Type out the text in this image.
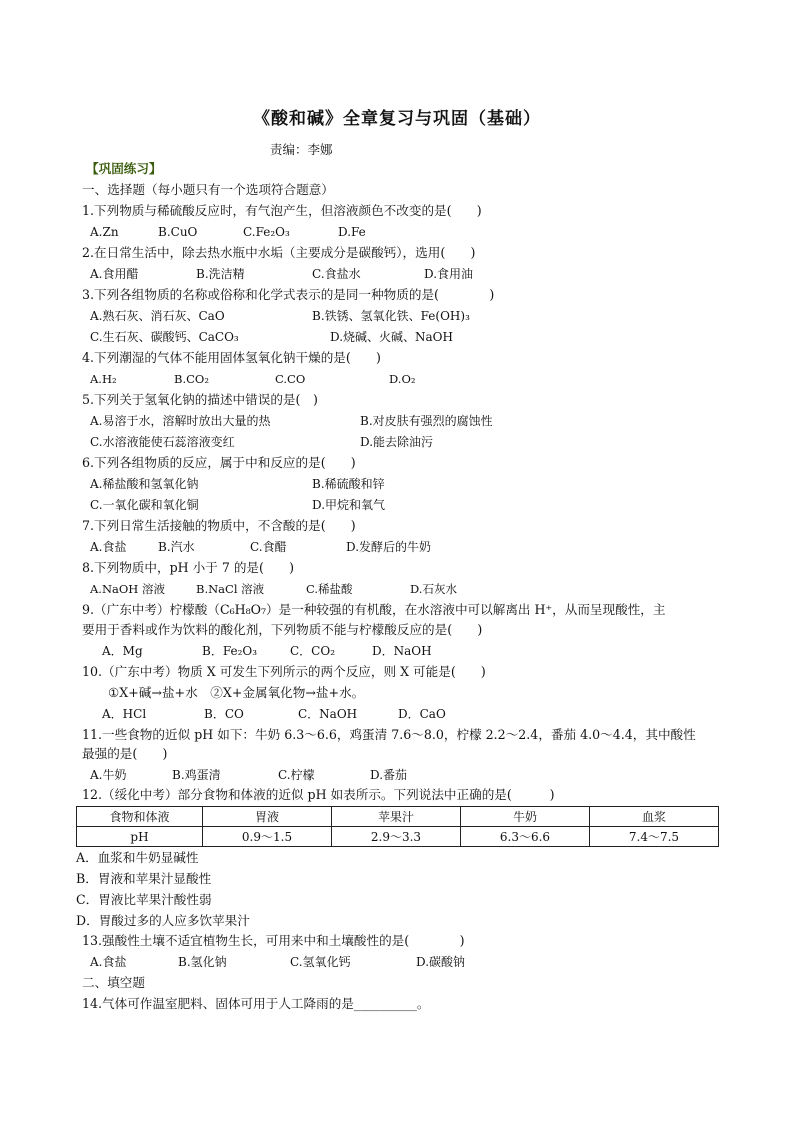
《酸和碱》全章复习与巩固（基础）
责编：李娜
【巩固练习】
一、选择题（每小题只有一个选项符合题意）
1.下列物质与稀硫酸反应时，有气泡产生，但溶液颜色不改变的是(　　)
A.Zn	B.CuO	C.Fe₂O₃	D.Fe
2.在日常生活中，除去热水瓶中水垢（主要成分是碳酸钙），选用(　　)
A.食用醋	B.洗洁精	C.食盐水	D.食用油
3.下列各组物质的名称或俗称和化学式表示的是同一种物质的是(　　　　)
A.熟石灰、消石灰、CaO	B.铁锈、氢氧化铁、Fe(OH)₃
C.生石灰、碳酸钙、CaCO₃	D.烧碱、火碱、NaOH
4.下列潮湿的气体不能用固体氢氧化钠干燥的是(　　)
A.H₂	B.CO₂	C.CO	D.O₂
5.下列关于氢氧化钠的描述中错误的是(　)
A.易溶于水，溶解时放出大量的热	B.对皮肤有强烈的腐蚀性
C.水溶液能使石蕊溶液变红	D.能去除油污
6.下列各组物质的反应，属于中和反应的是(　　)
A.稀盐酸和氢氧化钠	B.稀硫酸和锌
C.一氧化碳和氧化铜	D.甲烷和氧气
7.下列日常生活接触的物质中，不含酸的是(　　)
A.食盐	B.汽水	C.食醋	D.发酵后的牛奶
8.下列物质中，pH 小于 7 的是(　　)
A.NaOH 溶液	B.NaCl 溶液	C.稀盐酸	D.石灰水
9.（广东中考）柠檬酸（C₆H₈O₇）是一种较强的有机酸，在水溶液中可以解离出 H⁺，从而呈现酸性，主
要用于香料或作为饮料的酸化剂，下列物质不能与柠檬酸反应的是(　　)
A．Mg	B．Fe₂O₃	C．CO₂	D．NaOH
10.（广东中考）物质 X 可发生下列所示的两个反应，则 X 可能是(　　)
①X+碱→盐+水　②X+金属氧化物→盐+水。
A．HCl	B．CO	C．NaOH	D．CaO
11.一些食物的近似 pH 如下：牛奶 6.3～6.6，鸡蛋清 7.6～8.0，柠檬 2.2～2.4，番茄 4.0～4.4，其中酸性
最强的是(　　)
A.牛奶	B.鸡蛋清	C.柠檬	D.番茄
12.（绥化中考）部分食物和体液的近似 pH 如表所示。下列说法中正确的是(　　　)
食物和体液	胃液	苹果汁	牛奶	血浆
pH	0.9～1.5	2.9～3.3	6.3～6.6	7.4～7.5
A．血浆和牛奶显碱性
B．胃液和苹果汁显酸性
C．胃液比苹果汁酸性弱
D．胃酸过多的人应多饮苹果汁
13.强酸性土壤不适宜植物生长，可用来中和土壤酸性的是(　　　　)
A.食盐	B.氢化钠	C.氢氧化钙	D.碳酸钠
二、填空题
14.气体可作温室肥料、固体可用于人工降雨的是__________。
